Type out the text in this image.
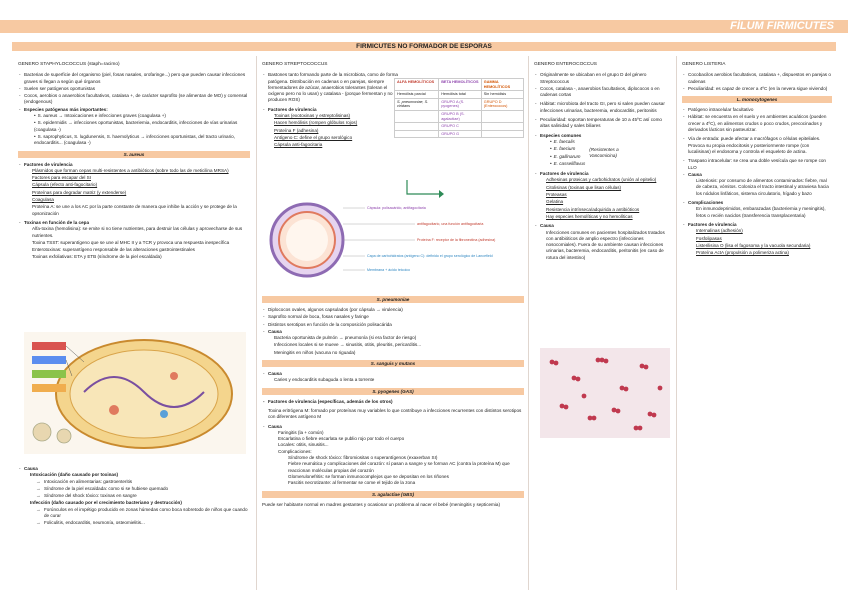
FÍLUM FIRMICUTES
FIRMICUTES NO FORMADOR DE ESPORAS
GENERO STAPHYLOCOCCUS (staph=racimo)
- Bacterias de superficie del organismo (piel, fosas nasales, orofaringe...) pero que pueden causar infecciones graves si llegan a según qué órganos
- Suelen ser patógenos oportunistas
- Cocos, aerobios o anaerobios facultativos, catalasa +, de carácter saprofito (se alimentan de MO) y comensal (endogenous)
- Especies patógenas más importantes:
• S. aureus → Intoxicaciones e infecciones graves (coagulasa +)
• S. epidermidis → infecciones oportunistas, bacteriemia, endocarditis, infecciones de vías urinarias (coagulasa -)
• S. saprophyticus, S. lugdunensis, S. haemolyticus → infecciones oportunistas, del tracto urinario, endocarditis... (coagulasa -)
S. aureus
- Factores de virulencia
Plásmidos que forman cepas multi-resistentes a antibióticos (sobre todo las de meticilina MRSA)
Factores para escapar del SI
Cápsula (efecto anti-fagocitario)
Proteínas para degradar matriz (y extenderse)
Coagulasa
Proteína A: se une a los AC por la parte constante de manera que inhibe la acción y se protege de la opsonización
- Toxinas en función de la cepa
Alfa-toxina (hemolisina): se emite si no tiene nutrientes, para destruir las células y aprovecharse de sus nutrientes.
Toxina TSST: superantígeno que se une al MHC II y a TCR y provoca una respuesta inespecífica
Enterotoxinas: superantígeno responsable de las alteraciones gastrointestinales
Toxinas exfoliativas: ETA y ETB (síndrome de la piel escaldada)
- Causa
Intoxicación (daño causado por toxinas)
→ Intoxicación en alimentarias: gastroenteritis
→ Síndrome de la piel escaldada: como si se hubiese quemado
→ Síndrome del shock tóxico: toxinas en sangre
Infección (daño causado por el crecimiento bacteriano y destrucción)
→ Forúnculos en el impétigo producido en zonas húmedas como boca sobretodo de niños que cuando de curar
→ Foliculitis, endocarditis, neumonía, osteomielitis...
GENERO STREPTOCOCCUS
- Bastones tanto formando parte de la microbiota, como de forma patógena. Distribución en cadenas o en parejas, siempre fermentadores de azúcar, anaerobios tolerantes (toleran el oxígeno pero no lo usan) y catalasa - (porque fermentan y no producen ROS)
- Factores de virulencia
Toxinas (exotoxinas y estreptolisinas)
Hacen hemólisis (rompen glóbulos rojos)
Proteína F (adhesina)
Antígeno C: define el grupo serológico
Cápsula anti-fagocitaria
ALFA HEMOLÍTICOS	BETA HEMOLÍTICOS	GAMMA HEMOLÍTICOS
Hemólisis parcial	Hemólisis total	Sin hemólisis
S. pneumoniae, S. viridans	GRUPO A (S. pyogenes)	GRUPO D (Enterococos)
	GRUPO B (S. agalactiae)	
	GRUPO C	
	GRUPO G	
Cápsula: polisacárido, antifagocitaria
antifagocitario, una función antifagocitaria
Proteína F: receptor de la fibronectina (adhesina)
Capa de carbohidratos (antígeno C): definido el grupo serológico de Lancefield
Membrana + ácido teicoico
S. pneumoniae
- Diplococos ovales, algunos capsulados (por cápsula → virulencia)
- Saprofito normal de boca, fosas nasales y faringe
- Distintos serotipos en función de la composición polisacárida
- Causa
Bacteria oportunista de pulmón → pneumonía (si era factor de riesgo)
Infecciones locales si se mueve → sinusitis, otitis, pleuritis, pericarditis...
Meningitis en niños (vacuna no riguada)
S. sanguis y mutans
- Causa
Caries y endocarditis subaguda o lenta a torrente
S. pyogenes (GAS)
- Factores de virulencia (específicas, además de los otros)
Toxina eritrógena M: formado por proteínas muy variables lo que contribuye a infecciones recurrentes con distintos serotipos con diferentes antígeno M
- Causa
Faringitis (la + común)
Escarlatina o fiebre escarlata se publio rojo por todo el cuerpo
Locales: otitis, sinusitis...
Complicaciones:
Síndrome de shock tóxico: fibromiositas o superantígenos (exaxerban SI)
Fiebre reumática y complicaciones del corazón: sí pasan a sangre y se forman AC (contra la proteína M) que reaccionan moléculas propias del corazón
Glomerulonefritis: se forman inmunocomplejos que se depositan en los riñones
Fascitis necrotizante: al fermentar se come el tejido de la zona
S. agalactiae (GBS)
Puede ser habitante normal en madres gestantes y ocasionar un problema al nacer el bebé (meningitis y septicemia)
GENERO ENTEROCOCCUS
- Originalmente se ubicaban en el grupo D del género Streptococcus
- Cocos, catalasa -, anaerobios facultativos, diplococos o en cadenas cortas
- Hábitat: microbiota del tracto GI, pero si salen pueden causar infecciones urinarias, bacteremia, endocarditis, peritonitis
- Peculiaridad: soportan temperaturas de 10 a 45ºC así como altas salinidad y sales biliares
- Especies comunes
• E. faecalis
• E. faecium
• E. gallinarum
• E. casseliflavus
(Resistentes a Vancomicina)
- Factores de virulencia
Adhesinas proteicas y carbohidratos (unión al epitelio)
Citolisinas (toxinas que lisan células)
Proteasas
Gelatina
Resistencia intrínseca/adquirida a antibióticos
Hay especies hemolíticas y no hemolíticas
- Causa
Infecciones comunes en pacientes hospitalizados tratados con antibióticos de amplio espectro (infecciones nosocomiales). Fuera de su ambiente causan infecciones urinarias, bacteremia, endocarditis, peritonitis (en caso de rotura del intestino)
GENERO LISTERIA
- Cocobacilos aerobios facultativos, catalasa +, dispuestos en parejas o cadenas
- Peculiaridad: es capaz de crecer a 4ºC (en la nevera sigue viviendo)
L. monocytogenes
- Patógeno intracelular facultativo
- Hábitat: se encuentra en el suelo y en ambientes acuáticos (pueden crecer a 4ºC), en alimentos crudos o poco crudos, precocinados y derivados lácticos sin pasteurizar.
- Vía de entrada: puede afectar a macrófagos o células epiteliales. Provoca su propia endocitosis y posteriormente rompe (con lucalisinas) el endosoma y controla el esqueleto de actina.
- Traspaso intracelular: se crea una doble vesícula que se rompe con LLO
- Causa
Listeriosis: por consumo de alimentos contaminados: fiebre, mal de cabeza, vómitos. Coloniza el tracto intestinal y atraviesa hacia los nódulos linfáticos, sistema circulatorio, hígado y bazo
- Complicaciones
En inmunodeprimidos, embarazadas (bacteriemia y meningitis), fetos o recién nacidos (transferencia transplacentaria)
- Factores de virulencia
Internalinas (adhesión)
Fosfolipasas
Listerilisina O (lisa el fagosoma y la vacuola secundaria)
Proteína ActA (propulsión a polimeriza actina)
